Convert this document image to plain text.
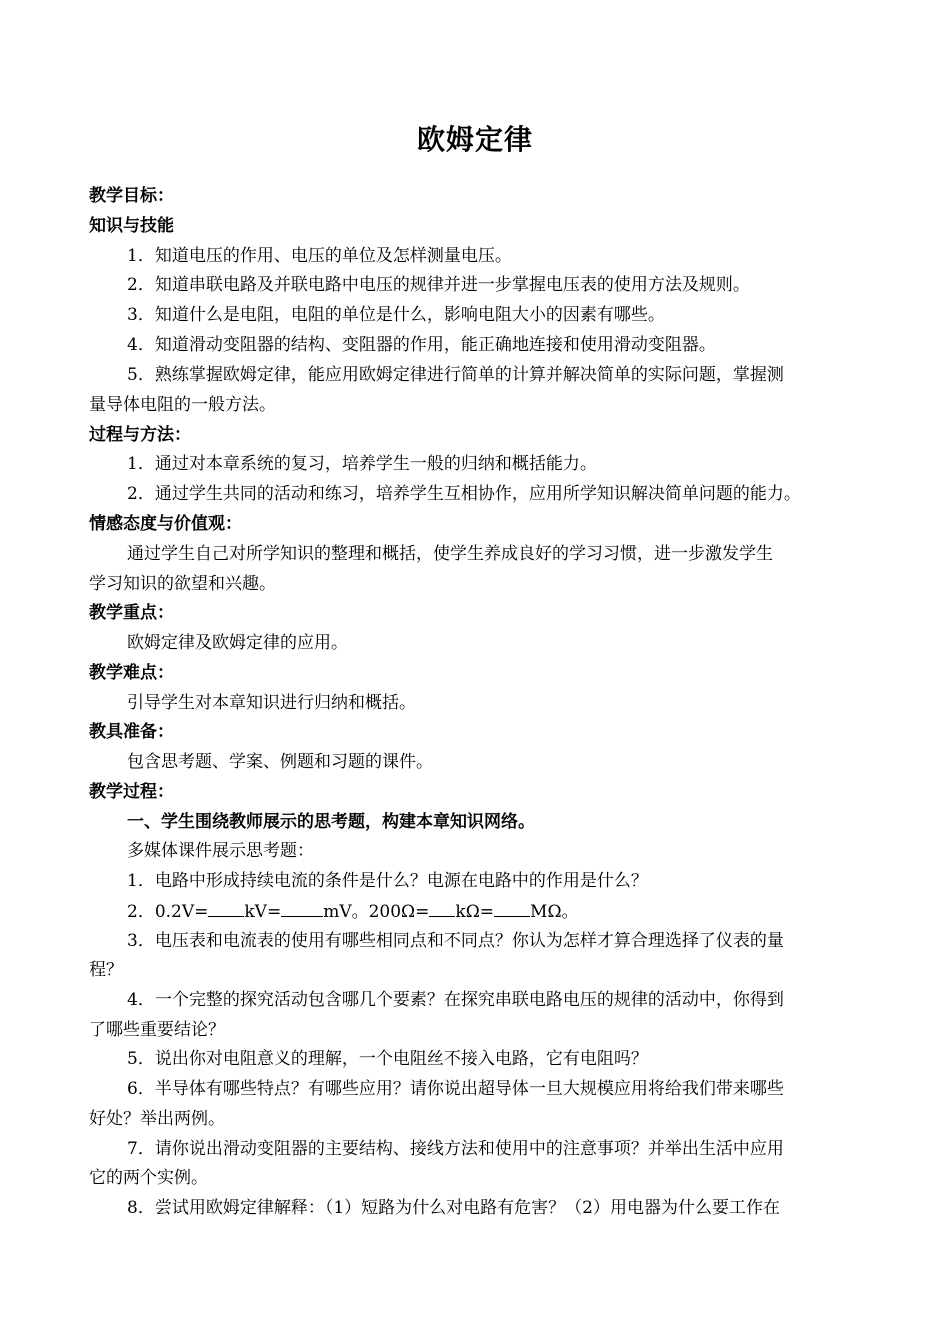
欧姆定律
教学目标：
知识与技能
1．知道电压的作用、电压的单位及怎样测量电压。
2．知道串联电路及并联电路中电压的规律并进一步掌握电压表的使用方法及规则。
3．知道什么是电阻，电阻的单位是什么，影响电阻大小的因素有哪些。
4．知道滑动变阻器的结构、变阻器的作用，能正确地连接和使用滑动变阻器。
5．熟练掌握欧姆定律，能应用欧姆定律进行简单的计算并解决简单的实际问题，掌握测
量导体电阻的一般方法。
过程与方法：
1．通过对本章系统的复习，培养学生一般的归纳和概括能力。
2．通过学生共同的活动和练习，培养学生互相协作，应用所学知识解决简单问题的能力。
情感态度与价值观：
通过学生自己对所学知识的整理和概括，使学生养成良好的学习习惯，进一步激发学生
学习知识的欲望和兴趣。
教学重点：
欧姆定律及欧姆定律的应用。
教学难点：
引导学生对本章知识进行归纳和概括。
教具准备：
包含思考题、学案、例题和习题的课件。
教学过程：
一、学生围绕教师展示的思考题，构建本章知识网络。
多媒体课件展示思考题：
1．电路中形成持续电流的条件是什么？电源在电路中的作用是什么？
2．0.2V= kV= mV。200Ω= kΩ= MΩ。
3．电压表和电流表的使用有哪些相同点和不同点？你认为怎样才算合理选择了仪表的量
程？
4．一个完整的探究活动包含哪几个要素？在探究串联电路电压的规律的活动中，你得到
了哪些重要结论？
5．说出你对电阻意义的理解，一个电阻丝不接入电路，它有电阻吗？
6．半导体有哪些特点？有哪些应用？请你说出超导体一旦大规模应用将给我们带来哪些
好处？举出两例。
7．请你说出滑动变阻器的主要结构、接线方法和使用中的注意事项？并举出生活中应用
它的两个实例。
8．尝试用欧姆定律解释：（1）短路为什么对电路有危害？（2）用电器为什么要工作在
